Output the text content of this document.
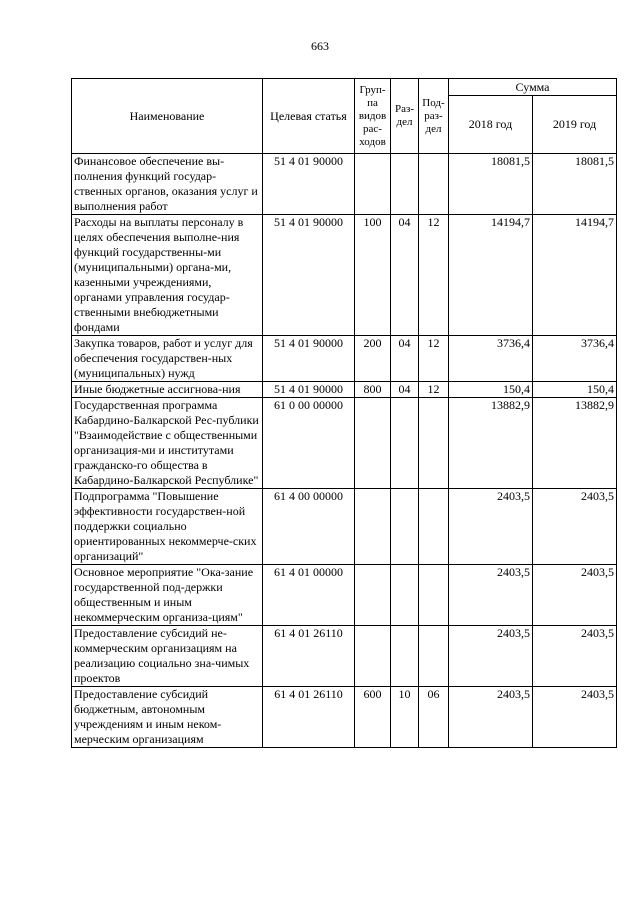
663
Наименование	Целевая статья	Груп-па видов рас-ходов	Раз-дел	Под-раз-дел	Сумма	
					2018 год	2019 год
Финансовое обеспечение вы-полнения функций государ-ственных органов, оказания услуг и выполнения работ	51 4 01 90000				18081,5	18081,5
Расходы на выплаты персоналу в целях обеспечения выполне-ния функций государственны-ми (муниципальными) органа-ми, казенными учреждениями, органами управления государ-ственными внебюджетными фондами	51 4 01 90000	100	04	12	14194,7	14194,7
Закупка товаров, работ и услуг для обеспечения государствен-ных (муниципальных) нужд	51 4 01 90000	200	04	12	3736,4	3736,4
Иные бюджетные ассигнова-ния	51 4 01 90000	800	04	12	150,4	150,4
Государственная программа Кабардино-Балкарской Рес-публики "Взаимодействие с общественными организация-ми и институтами гражданско-го общества в Кабардино-Балкарской Республике"	61 0 00 00000				13882,9	13882,9
Подпрограмма "Повышение эффективности государствен-ной поддержки социально ориентированных некоммерче-ских организаций"	61 4 00 00000				2403,5	2403,5
Основное мероприятие "Ока-зание государственной под-держки общественным и иным некоммерческим организа-циям"	61 4 01 00000				2403,5	2403,5
Предоставление субсидий не-коммерческим организациям на реализацию социально зна-чимых проектов	61 4 01 26110				2403,5	2403,5
Предоставление субсидий бюджетным, автономным учреждениям и иным неком-мерческим организациям	61 4 01 26110	600	10	06	2403,5	2403,5
